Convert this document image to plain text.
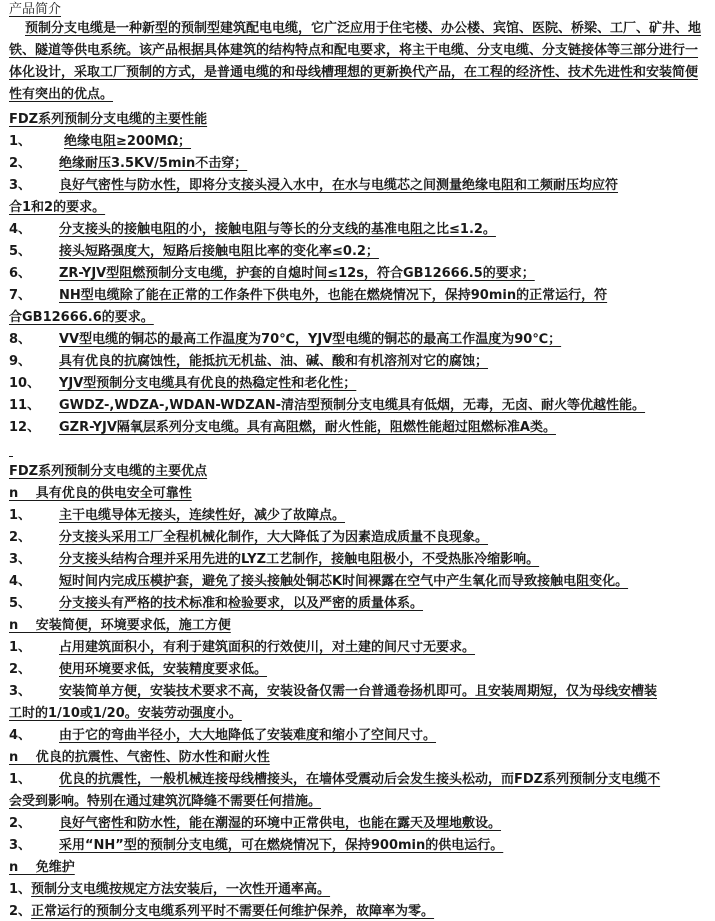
产品简介
预制分支电缆是一种新型的预制型建筑配电电缆，它广泛应用于住宅楼、办公楼、宾馆、医院、桥梁、工厂、矿井、地铁、隧道等供电系统。该产品根据具体建筑的结构特点和配电要求，将主干电缆、分支电缆、分支链接体等三部分进行一体化设计，采取工厂预制的方式，是普通电缆的和母线槽理想的更新换代产品，在工程的经济性、技术先进性和安装简便性有突出的优点。
FDZ系列预制分支电缆的主要性能
1、	绝缘电阻≥200MΩ；
2、 绝缘耐压3.5KV/5min不击穿；
3、 良好气密性与防水性，即将分支接头浸入水中，在水与电缆芯之间测量绝缘电阻和工频耐压均应符
合1和2的要求。
4、 分支接头的接触电阻的小，接触电阻与等长的分支线的基准电阻之比≤1.2。
5、 接头短路强度大，短路后接触电阻比率的变化率≤0.2；
6、 ZR-YJV型阻燃预制分支电缆，护套的自熄时间≤12s，符合GB12666.5的要求；
7、 NH型电缆除了能在正常的工作条件下供电外，也能在燃烧情况下，保持90min的正常运行，符
合GB12666.6的要求。
8、 VV型电缆的铜芯的最高工作温度为70℃，YJV型电缆的铜芯的最高工作温度为90℃；
9、 具有优良的抗腐蚀性，能抵抗无机盐、油、碱、酸和有机溶剂对它的腐蚀；
10、 YJV型预制分支电缆具有优良的热稳定性和老化性；
11、 GWDZ-,WDZA-,WDAN-WDZAN-清洁型预制分支电缆具有低烟，无毒，无卤、耐火等优越性能。
12、 GZR-YJV隔氧层系列分支电缆。具有高阻燃，耐火性能，阻燃性能超过阻燃标准A类。
FDZ系列预制分支电缆的主要优点
n　 具有优良的供电安全可靠性
1、 主干电缆导体无接头，连续性好，减少了故障点。
2、 分支接头采用工厂全程机械化制作，大大降低了为因素造成质量不良现象。
3、 分支接头结构合理并采用先进的LYZ工艺制作，接触电阻极小，不受热胀冷缩影响。
4、 短时间内完成压模护套，避免了接头接触处铜芯K时间裸露在空气中产生氧化而导致接触电阻变化。
5、 分支接头有严格的技术标准和检验要求，以及严密的质量体系。
n　 安装简便，环境要求低，施工方便
1、 占用建筑面积小，有利于建筑面积的行效使川，对土建的间尺寸无要求。
2、 使用环境要求低，安装精度要求低。
3、 安装简单方便，安装技术要求不高，安装设备仅需一台普通卷扬机即可。且安装周期短，仅为母线安槽装
工时的1/10或1/20。安装劳动强度小。
4、 由于它的弯曲半径小，大大地降低了安装难度和缩小了空间尺寸。
n　 优良的抗震性、气密性、防水性和耐火性
1、 优良的抗震性，一般机械连接母线槽接头，在墙体受震动后会发生接头松动，而FDZ系列预制分支电缆不
会受到影响。特别在通过建筑沉降缝不需要任何措施。
2、 良好气密性和防水性，能在潮湿的环境中正常供电，也能在露天及埋地敷设。
3、 采用“NH”型的预制分支电缆，可在燃烧情况下，保持900min的供电运行。
n　 免维护
1、预制分支电缆按规定方法安装后，一次性开通率高。
2、正常运行的预制分支电缆系列平时不需要任何维护保养，故障率为零。
